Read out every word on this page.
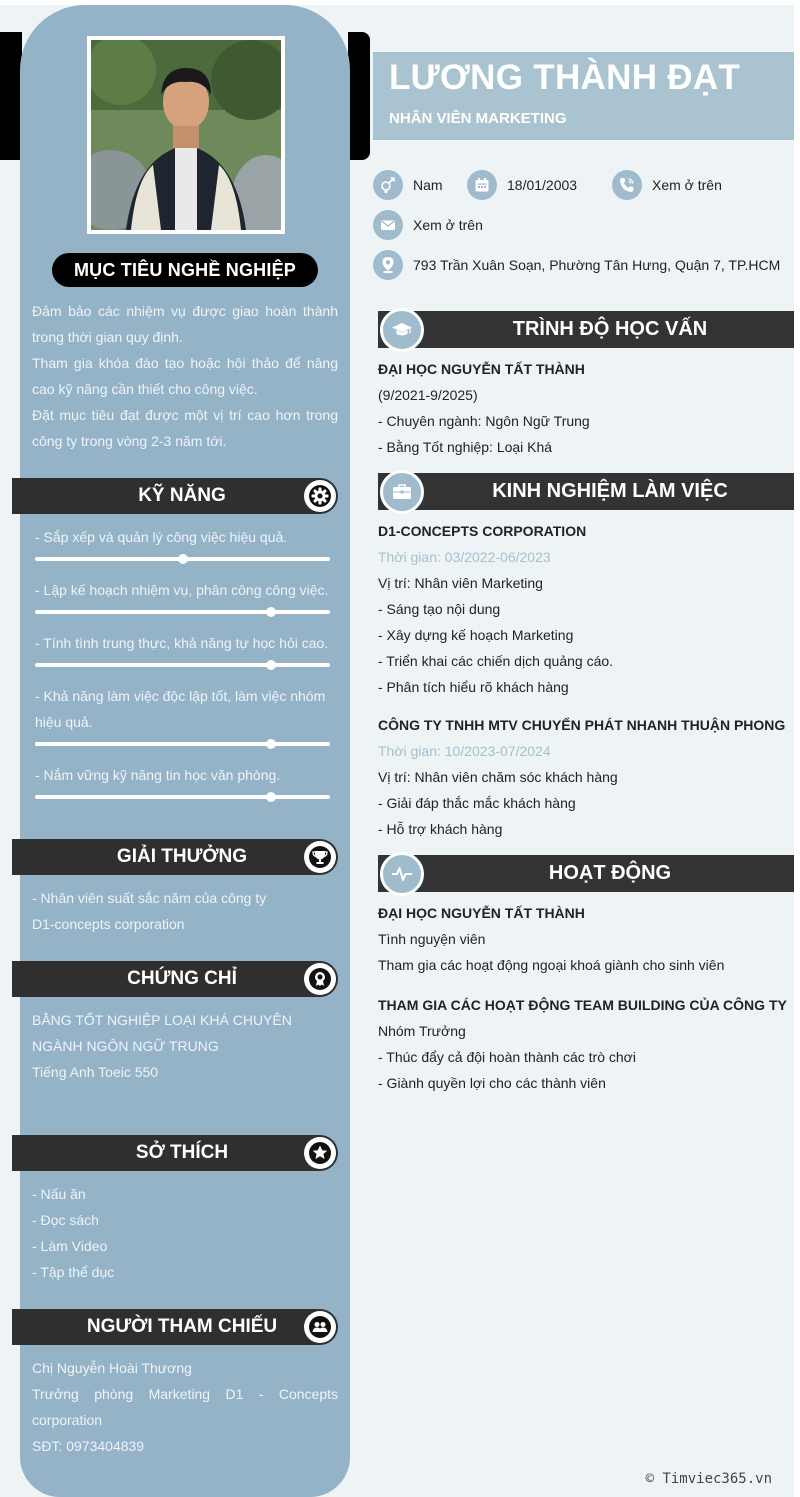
MỤC TIÊU NGHỀ NGHIỆP

Đảm bảo các nhiệm vụ được giao hoàn thành trong thời gian quy định.

Tham gia khóa đào tạo hoặc hội thảo để nâng cao kỹ năng cần thiết cho công việc.

Đặt mục tiêu đạt được một vị trí cao hơn trong công ty trong vòng 2-3 năm tới.

KỸ NĂNG
- Sắp xếp và quản lý công việc hiệu quả.
- Lập kế hoạch nhiệm vụ, phân công công việc.
- Tính tình trung thực, khả năng tự học hỏi cao.
- Khả năng làm việc độc lập tốt, làm việc nhóm hiệu quả.
- Nắm vững kỹ năng tin học văn phòng.
GIẢI THƯỞNG

- Nhân viên suất sắc năm của công ty

D1-concepts corporation

CHỨNG CHỈ

BẰNG TỐT NGHIỆP LOẠI KHÁ CHUYÊN NGÀNH NGÔN NGỮ TRUNG

Tiếng Anh Toeic 550

SỞ THÍCH

- Nấu ăn

- Đọc sách

- Làm Video

- Tập thể dục

NGƯỜI THAM CHIẾU

Chị Nguyễn Hoài Thương

Trưởng phòng Marketing D1 - Concepts corporation

SĐT: 0973404839

LƯƠNG THÀNH ĐẠT
NHÂN VIÊN MARKETING
Nam	18/01/2003	Xem ở trên
Xem ở trên
793 Trần Xuân Soạn, Phường Tân Hưng, Quận 7, TP.HCM
TRÌNH ĐỘ HỌC VẤN

ĐẠI HỌC NGUYỄN TẤT THÀNH

(9/2021-9/2025)

- Chuyên ngành: Ngôn Ngữ Trung

- Bằng Tốt nghiệp: Loại Khá

KINH NGHIỆM LÀM VIỆC

D1-CONCEPTS CORPORATION

Thời gian: 03/2022-06/2023

Vị trí: Nhân viên Marketing

- Sáng tạo nội dung

- Xây dựng kế hoạch Marketing

- Triển khai các chiến dịch quảng cáo.

- Phân tích hiểu rõ khách hàng

CÔNG TY TNHH MTV CHUYỂN PHÁT NHANH THUẬN PHONG

Thời gian: 10/2023-07/2024

Vị trí: Nhân viên chăm sóc khách hàng

- Giải đáp thắc mắc khách hàng

- Hỗ trợ khách hàng

HOẠT ĐỘNG

ĐẠI HỌC NGUYỄN TẤT THÀNH

Tình nguyện viên

Tham gia các hoạt động ngoại khoá giành cho sinh viên

THAM GIA CÁC HOẠT ĐỘNG TEAM BUILDING CỦA CÔNG TY

Nhóm Trưởng

- Thúc đẩy cả đội hoàn thành các trò chơi

- Giành quyền lợi cho các thành viên

© Timviec365.vn
